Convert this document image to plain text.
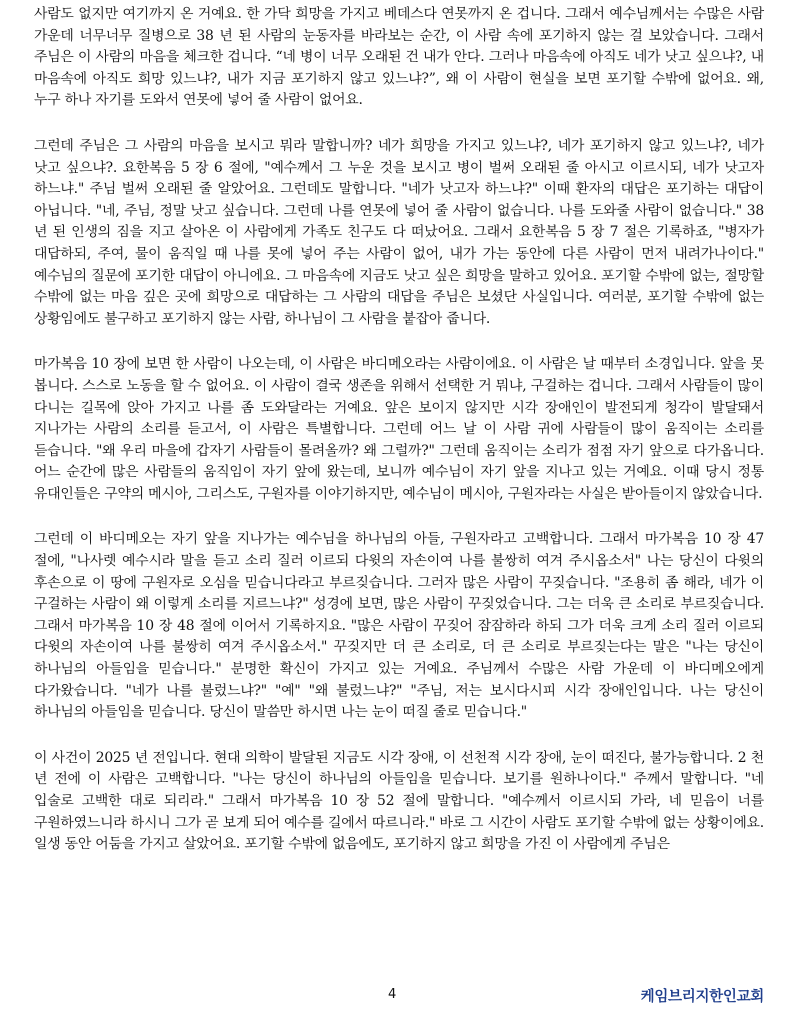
사람도 없지만 여기까지 온 거예요. 한 가닥 희망을 가지고 베데스다 연못까지 온 겁니다. 그래서 예수님께서는 수많은 사람 가운데 너무너무 질병으로 38 년 된 사람의 눈동자를 바라보는 순간, 이 사람 속에 포기하지 않는 걸 보았습니다. 그래서 주님은 이 사람의 마음을 체크한 겁니다. “네 병이 너무 오래된 건 내가 안다. 그러나 마음속에 아직도 네가 낫고 싶으냐?, 내 마음속에 아직도 희망 있느냐?, 내가 지금 포기하지 않고 있느냐?”, 왜 이 사람이 현실을 보면 포기할 수밖에 없어요. 왜, 누구 하나 자기를 도와서 연못에 넣어 줄 사람이 없어요.

그런데 주님은 그 사람의 마음을 보시고 뭐라 말합니까? 네가 희망을 가지고 있느냐?, 네가 포기하지 않고 있느냐?, 네가 낫고 싶으냐?. 요한복음 5 장 6 절에, "예수께서 그 누운 것을 보시고 병이 벌써 오래된 줄 아시고 이르시되, 네가 낫고자 하느냐." 주님 벌써 오래된 줄 알았어요. 그런데도 말합니다. "네가 낫고자 하느냐?" 이때 환자의 대답은 포기하는 대답이 아닙니다. "네, 주님, 정말 낫고 싶습니다. 그런데 나를 연못에 넣어 줄 사람이 없습니다. 나를 도와줄 사람이 없습니다." 38 년 된 인생의 짐을 지고 살아온 이 사람에게 가족도 친구도 다 떠났어요. 그래서 요한복음 5 장 7 절은 기록하죠, "병자가 대답하되, 주여, 물이 움직일 때 나를 못에 넣어 주는 사람이 없어, 내가 가는 동안에 다른 사람이 먼저 내려가나이다." 예수님의 질문에 포기한 대답이 아니에요. 그 마음속에 지금도 낫고 싶은 희망을 말하고 있어요. 포기할 수밖에 없는, 절망할 수밖에 없는 마음 깊은 곳에 희망으로 대답하는 그 사람의 대답을 주님은 보셨단 사실입니다. 여러분, 포기할 수밖에 없는 상황임에도 불구하고 포기하지 않는 사람, 하나님이 그 사람을 붙잡아 줍니다.

마가복음 10 장에 보면 한 사람이 나오는데, 이 사람은 바디메오라는 사람이에요. 이 사람은 날 때부터 소경입니다. 앞을 못 봅니다. 스스로 노동을 할 수 없어요. 이 사람이 결국 생존을 위해서 선택한 거 뭐냐, 구걸하는 겁니다. 그래서 사람들이 많이 다니는 길목에 앉아 가지고 나를 좀 도와달라는 거예요. 앞은 보이지 않지만 시각 장애인이 발전되게 청각이 발달돼서 지나가는 사람의 소리를 듣고서, 이 사람은 특별합니다. 그런데 어느 날 이 사람 귀에 사람들이 많이 움직이는 소리를 듣습니다. "왜 우리 마을에 갑자기 사람들이 몰려올까? 왜 그럴까?" 그런데 움직이는 소리가 점점 자기 앞으로 다가옵니다. 어느 순간에 많은 사람들의 움직임이 자기 앞에 왔는데, 보니까 예수님이 자기 앞을 지나고 있는 거예요. 이때 당시 정통 유대인들은 구약의 메시아, 그리스도, 구원자를 이야기하지만, 예수님이 메시아, 구원자라는 사실은 받아들이지 않았습니다.

그런데 이 바디메오는 자기 앞을 지나가는 예수님을 하나님의 아들, 구원자라고 고백합니다. 그래서 마가복음 10 장 47 절에, "나사렛 예수시라 말을 듣고 소리 질러 이르되 다윗의 자손이여 나를 불쌍히 여겨 주시옵소서" 나는 당신이 다윗의 후손으로 이 땅에 구원자로 오심을 믿습니다라고 부르짖습니다. 그러자 많은 사람이 꾸짖습니다. "조용히 좀 해라, 네가 이 구걸하는 사람이 왜 이렇게 소리를 지르느냐?" 성경에 보면, 많은 사람이 꾸짖었습니다. 그는 더욱 큰 소리로 부르짖습니다. 그래서 마가복음 10 장 48 절에 이어서 기록하지요. "많은 사람이 꾸짖어 잠잠하라 하되 그가 더욱 크게 소리 질러 이르되 다윗의 자손이여 나를 불쌍히 여겨 주시옵소서." 꾸짖지만 더 큰 소리로, 더 큰 소리로 부르짖는다는 말은 "나는 당신이 하나님의 아들임을 믿습니다." 분명한 확신이 가지고 있는 거예요. 주님께서 수많은 사람 가운데 이 바디메오에게 다가왔습니다. "네가 나를 불렀느냐?" "예" "왜 불렀느냐?" "주님, 저는 보시다시피 시각 장애인입니다. 나는 당신이 하나님의 아들임을 믿습니다. 당신이 말씀만 하시면 나는 눈이 떠질 줄로 믿습니다."

이 사건이 2025 년 전입니다. 현대 의학이 발달된 지금도 시각 장애, 이 선천적 시각 장애, 눈이 떠진다, 불가능합니다. 2 천 년 전에 이 사람은 고백합니다. "나는 당신이 하나님의 아들임을 믿습니다. 보기를 원하나이다." 주께서 말합니다. "네 입술로 고백한 대로 되리라." 그래서 마가복음 10 장 52 절에 말합니다. "예수께서 이르시되 가라, 네 믿음이 너를 구원하였느니라 하시니 그가 곧 보게 되어 예수를 길에서 따르니라." 바로 그 시간이 사람도 포기할 수밖에 없는 상황이에요. 일생 동안 어둠을 가지고 살았어요. 포기할 수밖에 없음에도, 포기하지 않고 희망을 가진 이 사람에게 주님은

4	케임브리지한인교회
